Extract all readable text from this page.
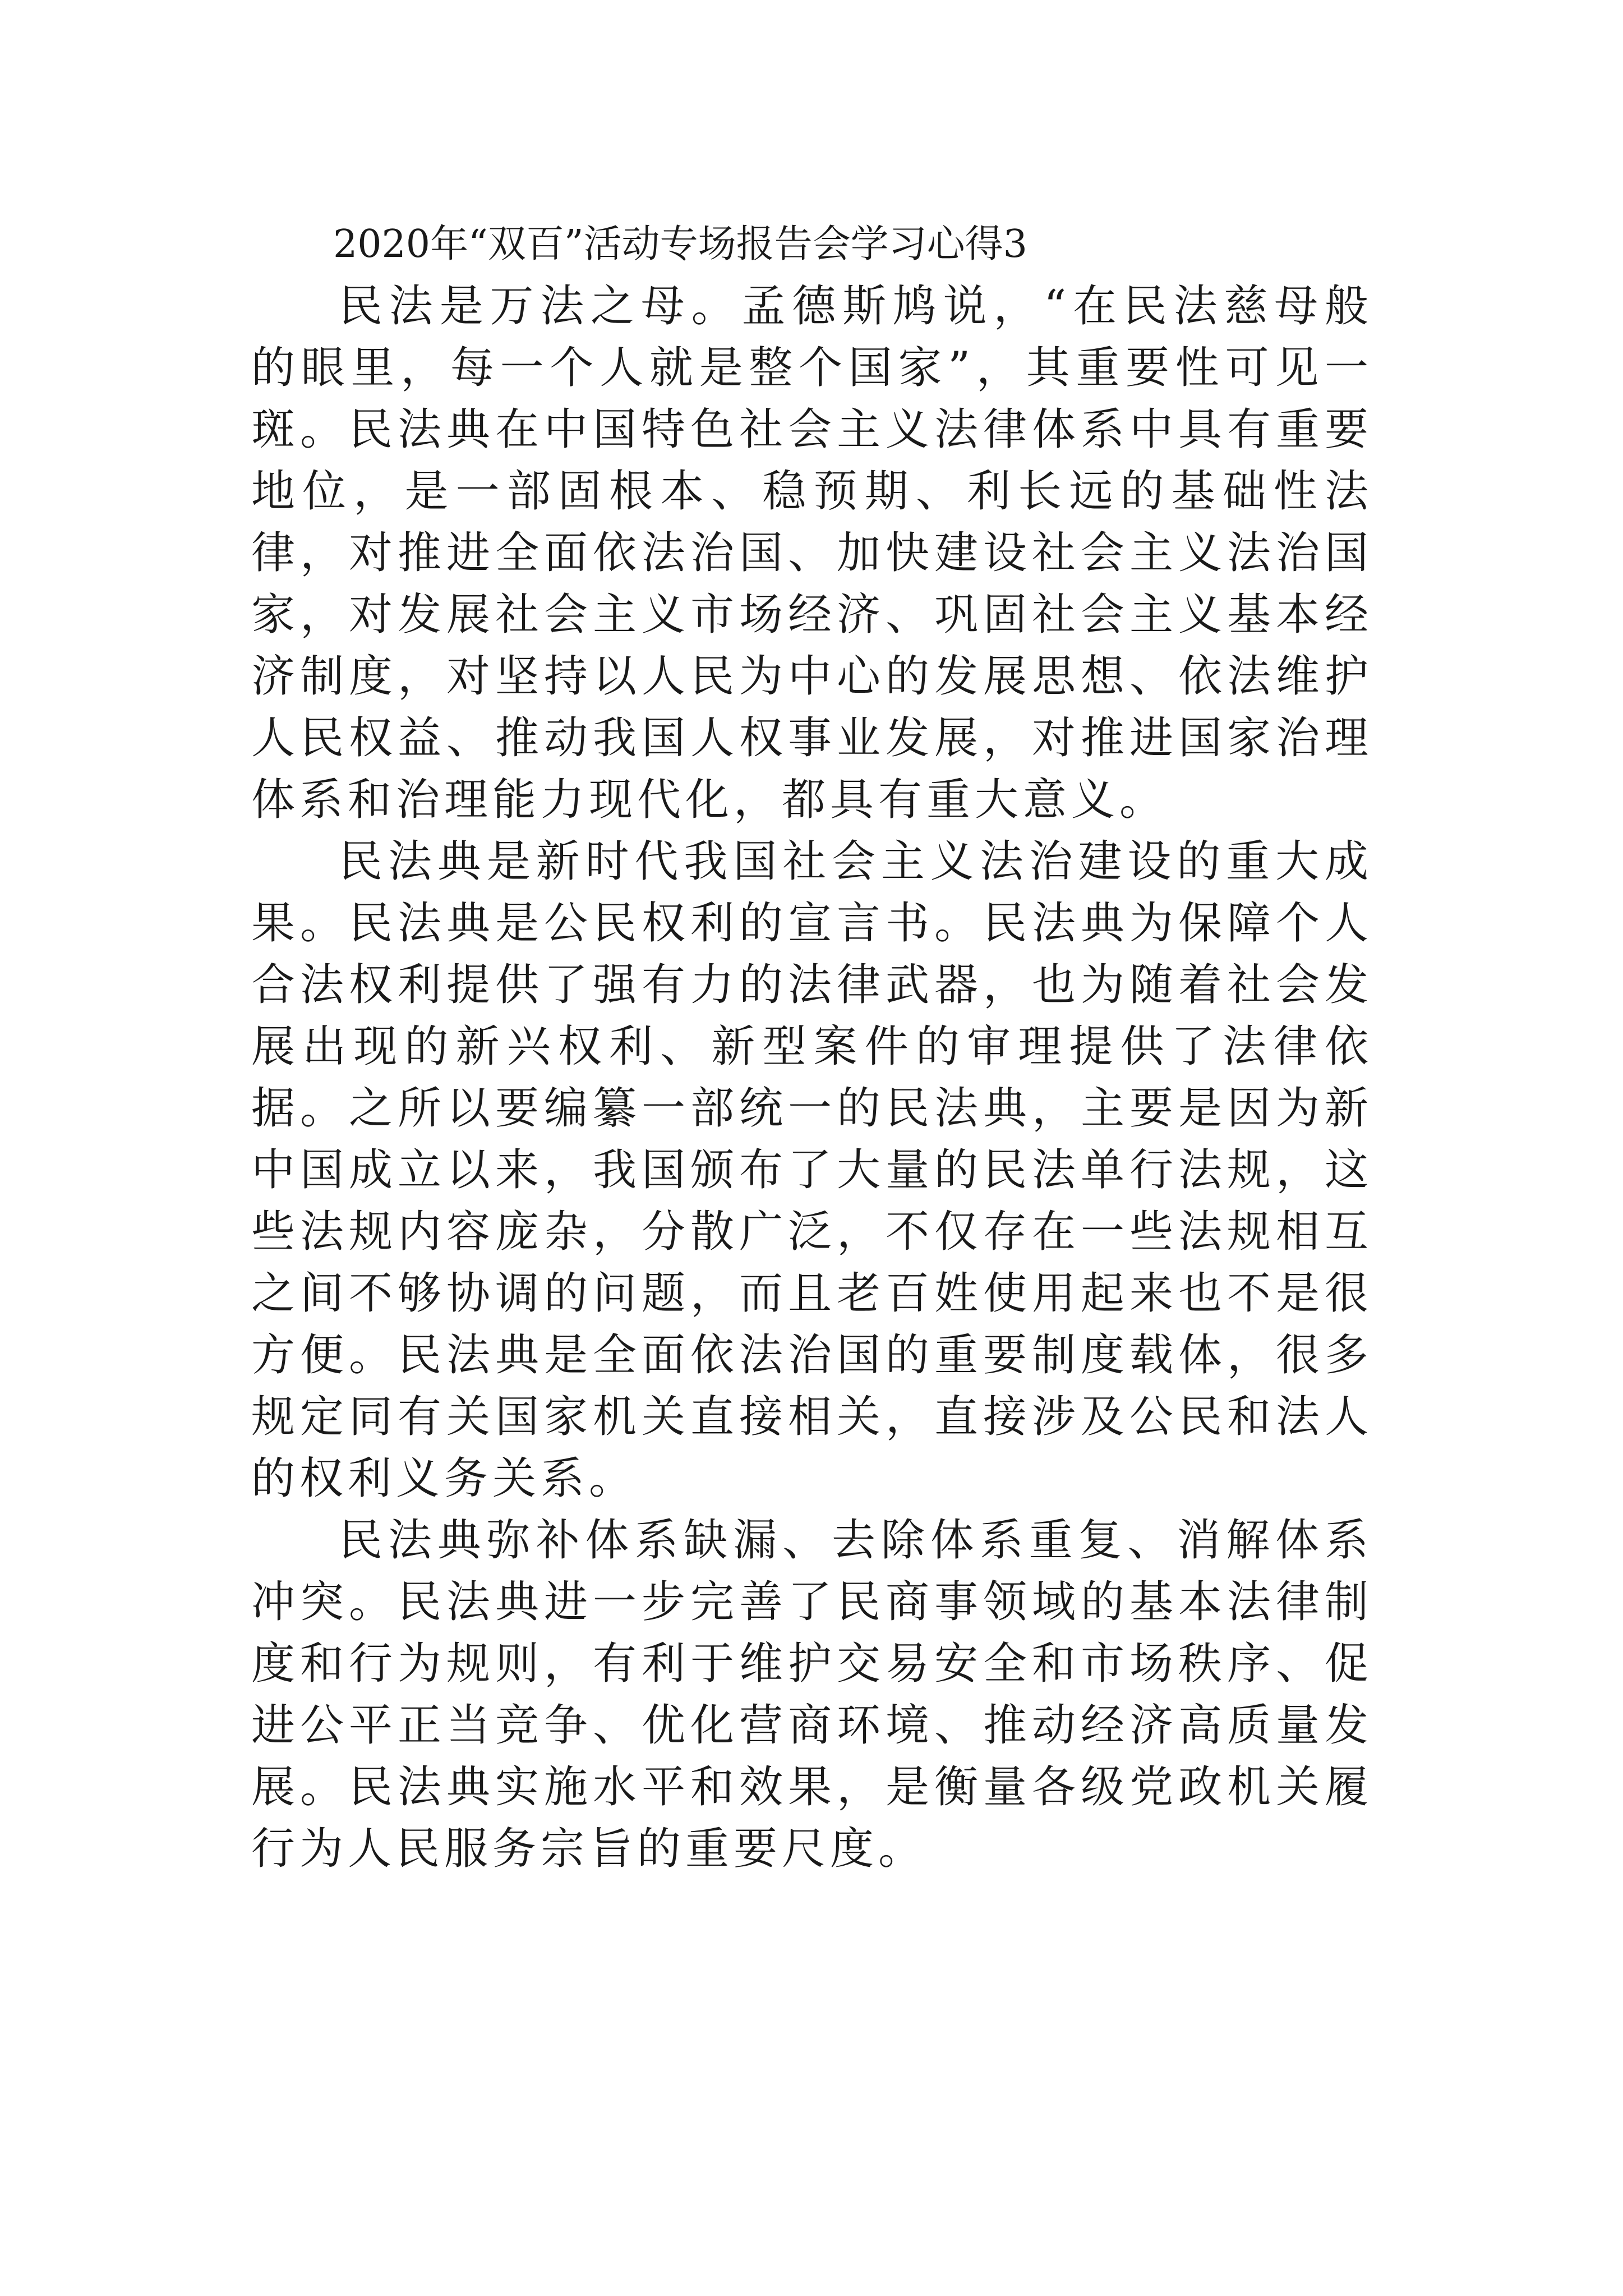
2020年“双百”活动专场报告会学习心得3

民法是万法之母。孟德斯鸠说，“在民法慈母般的眼里，每一个人就是整个国家”，其重要性可见一斑。民法典在中国特色社会主义法律体系中具有重要地位，是一部固根本、稳预期、利长远的基础性法律，对推进全面依法治国、加快建设社会主义法治国家，对发展社会主义市场经济、巩固社会主义基本经济制度，对坚持以人民为中心的发展思想、依法维护人民权益、推动我国人权事业发展，对推进国家治理体系和治理能力现代化，都具有重大意义。

民法典是新时代我国社会主义法治建设的重大成果。民法典是公民权利的宣言书。民法典为保障个人合法权利提供了强有力的法律武器，也为随着社会发展出现的新兴权利、新型案件的审理提供了法律依据。之所以要编纂一部统一的民法典，主要是因为新中国成立以来，我国颁布了大量的民法单行法规，这些法规内容庞杂，分散广泛，不仅存在一些法规相互之间不够协调的问题，而且老百姓使用起来也不是很方便。民法典是全面依法治国的重要制度载体，很多规定同有关国家机关直接相关，直接涉及公民和法人的权利义务关系。

民法典弥补体系缺漏、去除体系重复、消解体系冲突。民法典进一步完善了民商事领域的基本法律制度和行为规则，有利于维护交易安全和市场秩序、促进公平正当竞争、优化营商环境、推动经济高质量发展。民法典实施水平和效果，是衡量各级党政机关履行为人民服务宗旨的重要尺度。
